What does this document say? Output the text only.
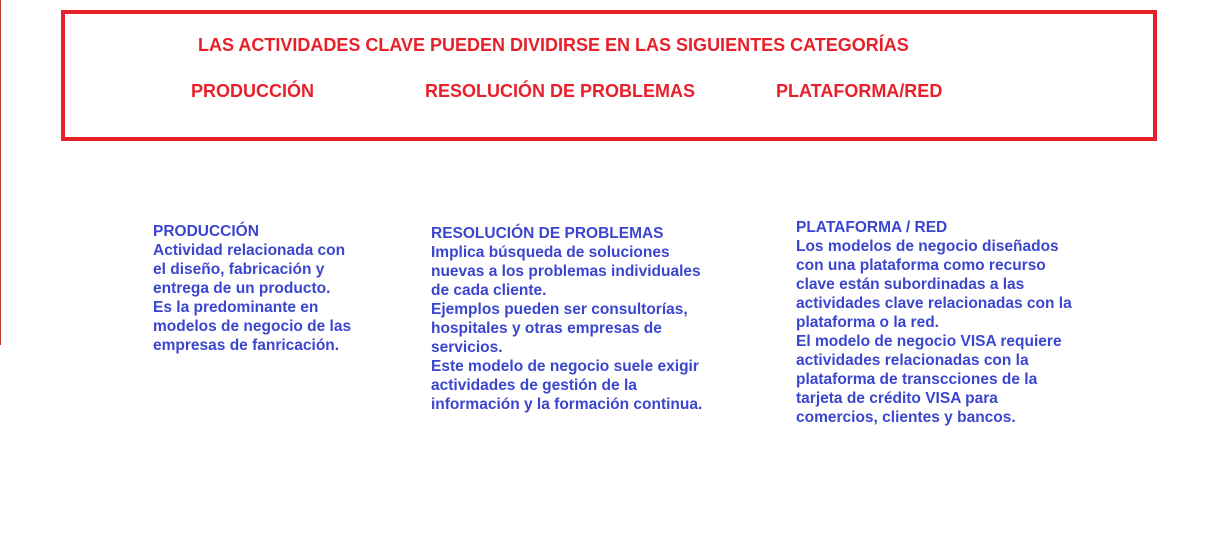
LAS ACTIVIDADES CLAVE PUEDEN DIVIDIRSE EN LAS SIGUIENTES CATEGORÍAS
PRODUCCIÓN	RESOLUCIÓN DE PROBLEMAS	PLATAFORMA/RED
PRODUCCIÓN
Actividad relacionada con
el diseño, fabricación y
entrega de un producto.
Es la predominante en
modelos de negocio de las
empresas de fanricación.
RESOLUCIÓN DE PROBLEMAS
Implica búsqueda de soluciones
nuevas a los problemas individuales
de cada cliente.
Ejemplos pueden ser consultorías,
hospitales y otras empresas de
servicios.
Este modelo de negocio suele exigir
actividades de gestión de la
información y la formación continua.
PLATAFORMA / RED
Los modelos de negocio diseñados
con una plataforma como recurso
clave están subordinadas a las
actividades clave relacionadas con la
plataforma o la red.
El modelo de negocio VISA requiere
actividades relacionadas con la
plataforma de transcciones de la
tarjeta de crédito VISA para
comercios, clientes y bancos.
